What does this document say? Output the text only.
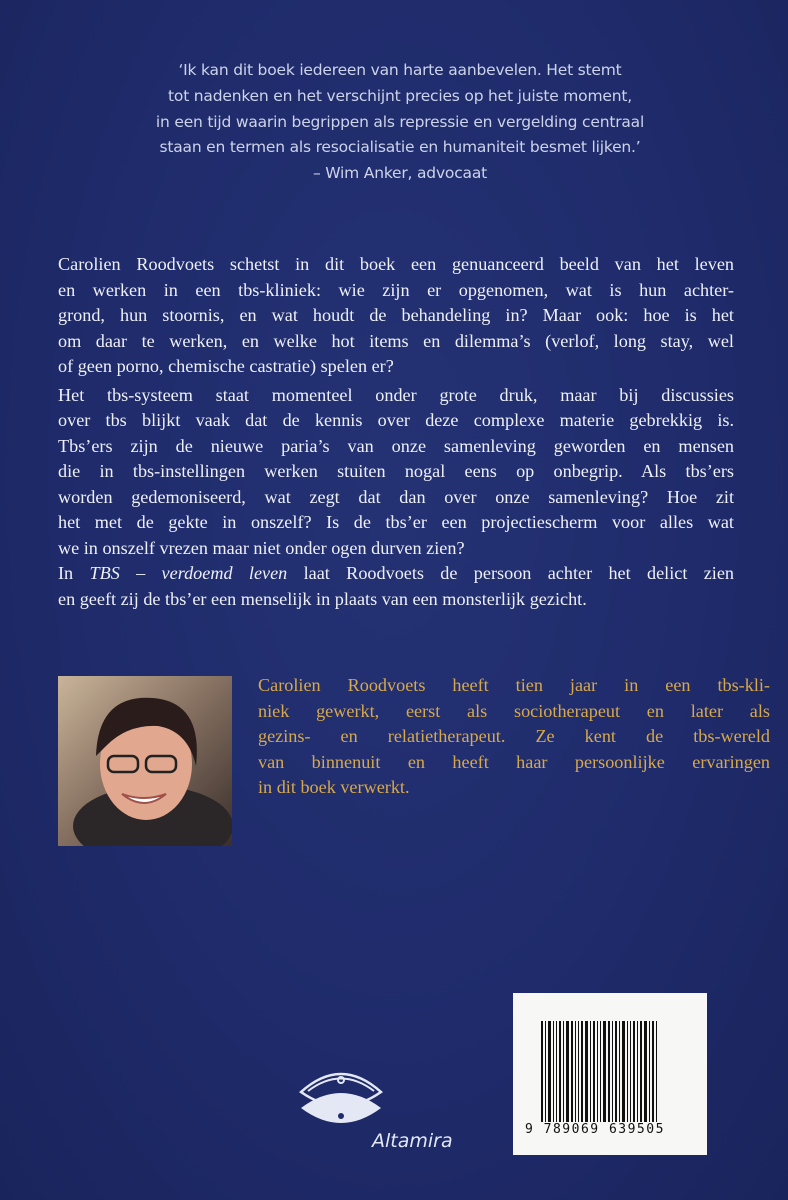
‘Ik kan dit boek iedereen van harte aanbevelen. Het stemt
tot nadenken en het verschijnt precies op het juiste moment,
in een tijd waarin begrippen als repressie en vergelding centraal
staan en termen als resocialisatie en humaniteit besmet lijken.’
– Wim Anker, advocaat
Carolien Roodvoets schetst in dit boek een genuanceerd beeld van het leven
en werken in een tbs-kliniek: wie zijn er opgenomen, wat is hun achter-
grond, hun stoornis, en wat houdt de behandeling in? Maar ook: hoe is het
om daar te werken, en welke hot items en dilemma’s (verlof, long stay, wel
of geen porno, chemische castratie) spelen er?
Het tbs-systeem staat momenteel onder grote druk, maar bij discussies
over tbs blijkt vaak dat de kennis over deze complexe materie gebrekkig is.
Tbs’ers zijn de nieuwe paria’s van onze samenleving geworden en mensen
die in tbs-instellingen werken stuiten nogal eens op onbegrip. Als tbs’ers
worden gedemoniseerd, wat zegt dat dan over onze samenleving? Hoe zit
het met de gekte in onszelf? Is de tbs’er een projectiescherm voor alles wat
we in onszelf vrezen maar niet onder ogen durven zien?
In TBS – verdoemd leven laat Roodvoets de persoon achter het delict zien
en geeft zij de tbs’er een menselijk in plaats van een monsterlijk gezicht.
Carolien Roodvoets heeft tien jaar in een tbs-kli-
niek gewerkt, eerst als sociotherapeut en later als
gezins- en relatietherapeut. Ze kent de tbs-wereld
van binnenuit en heeft haar persoonlijke ervaringen
in dit boek verwerkt.
Altamira
9 789069 639505
